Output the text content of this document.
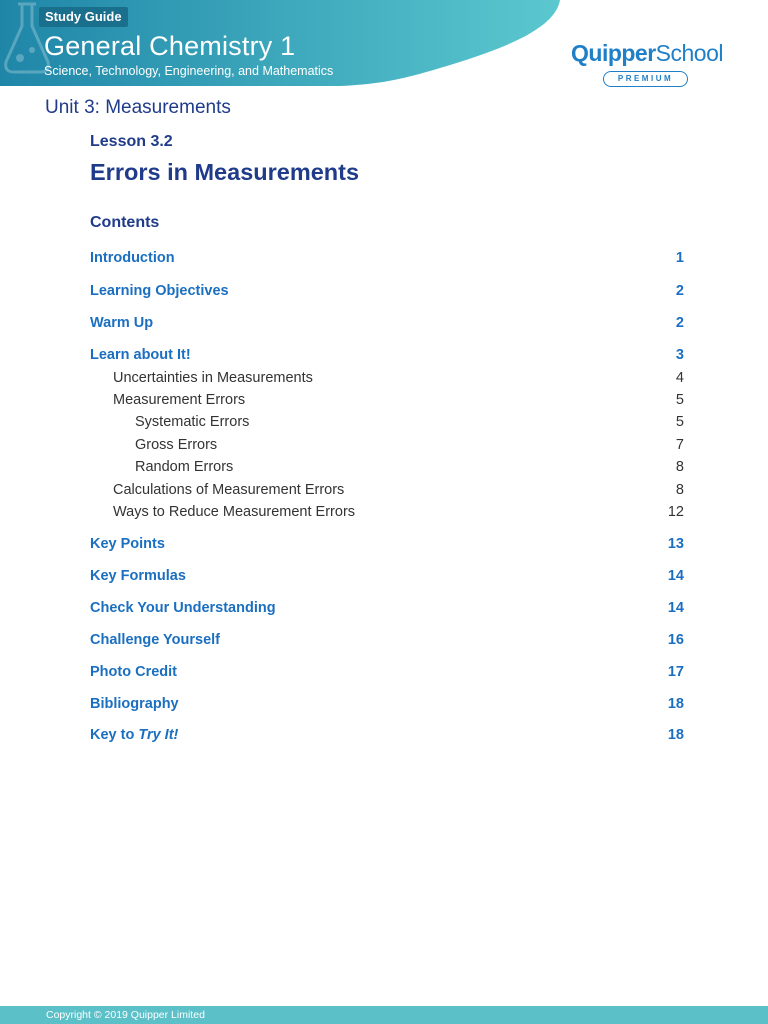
Study Guide
General Chemistry 1
Science, Technology, Engineering, and Mathematics
QuipperSchool
PREMIUM
Unit 3: Measurements
Lesson 3.2
Errors in Measurements
Contents
Introduction	1
Learning Objectives	2
Warm Up	2
Learn about It!	3
Uncertainties in Measurements	4
Measurement Errors	5
Systematic Errors	5
Gross Errors	7
Random Errors	8
Calculations of Measurement Errors	8
Ways to Reduce Measurement Errors	12
Key Points	13
Key Formulas	14
Check Your Understanding	14
Challenge Yourself	16
Photo Credit	17
Bibliography	18
Key to Try It!	18
Copyright © 2019 Quipper Limited
